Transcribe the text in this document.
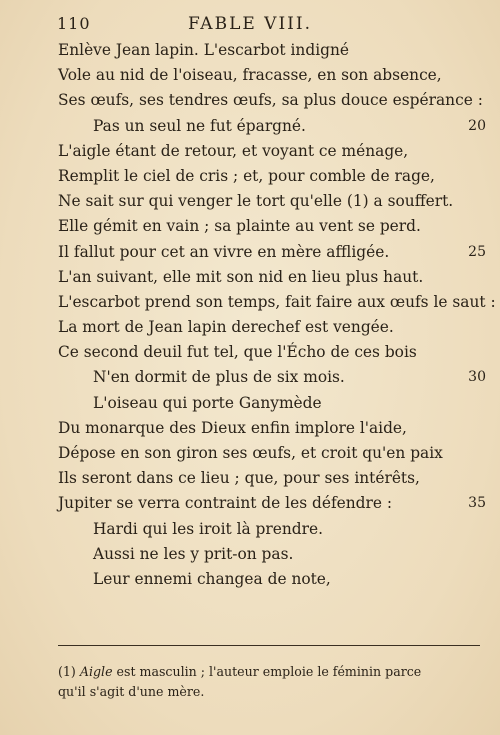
110	FABLE VIII.
Enlève Jean lapin. L'escarbot indigné
Vole au nid de l'oiseau, fracasse, en son absence,
Ses œufs, ses tendres œufs, sa plus douce espérance :
Pas un seul ne fut épargné.	20
L'aigle étant de retour, et voyant ce ménage,
Remplit le ciel de cris ; et, pour comble de rage,
Ne sait sur qui venger le tort qu'elle (1) a souffert.
Elle gémit en vain ; sa plainte au vent se perd.
Il fallut pour cet an vivre en mère affligée.	25
L'an suivant, elle mit son nid en lieu plus haut.
L'escarbot prend son temps, fait faire aux œufs le saut :
La mort de Jean lapin derechef est vengée.
Ce second deuil fut tel, que l'Écho de ces bois
N'en dormit de plus de six mois.	30
L'oiseau qui porte Ganymède
Du monarque des Dieux enfin implore l'aide,
Dépose en son giron ses œufs, et croit qu'en paix
Ils seront dans ce lieu ; que, pour ses intérêts,
Jupiter se verra contraint de les défendre :	35
Hardi qui les iroit là prendre.
Aussi ne les y prit-on pas.
Leur ennemi changea de note,
(1) Aigle est masculin ; l'auteur emploie le féminin parce
qu'il s'agit d'une mère.
